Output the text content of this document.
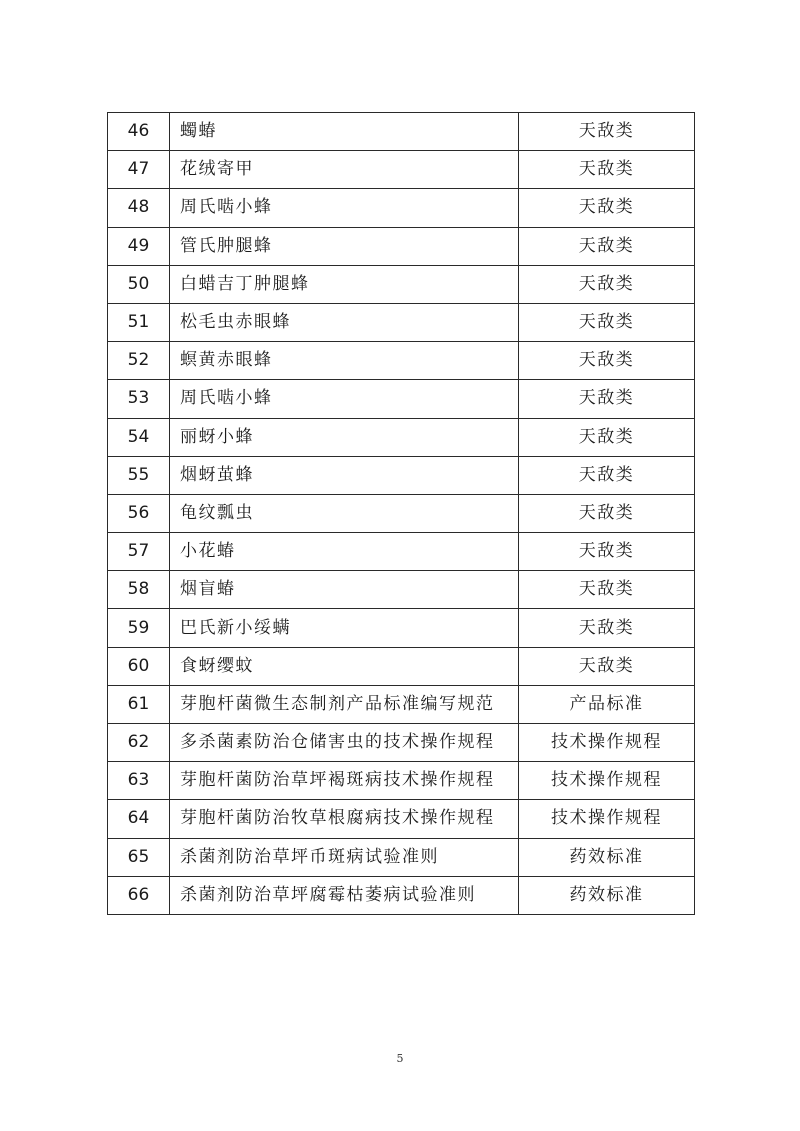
46	蠋蝽	天敌类
47	花绒寄甲	天敌类
48	周氏啮小蜂	天敌类
49	管氏肿腿蜂	天敌类
50	白蜡吉丁肿腿蜂	天敌类
51	松毛虫赤眼蜂	天敌类
52	螟黄赤眼蜂	天敌类
53	周氏啮小蜂	天敌类
54	丽蚜小蜂	天敌类
55	烟蚜茧蜂	天敌类
56	龟纹瓢虫	天敌类
57	小花蝽	天敌类
58	烟盲蝽	天敌类
59	巴氏新小绥螨	天敌类
60	食蚜缨蚊	天敌类
61	芽胞杆菌微生态制剂产品标准编写规范	产品标准
62	多杀菌素防治仓储害虫的技术操作规程	技术操作规程
63	芽胞杆菌防治草坪褐斑病技术操作规程	技术操作规程
64	芽胞杆菌防治牧草根腐病技术操作规程	技术操作规程
65	杀菌剂防治草坪币斑病试验准则	药效标准
66	杀菌剂防治草坪腐霉枯萎病试验准则	药效标准
5
